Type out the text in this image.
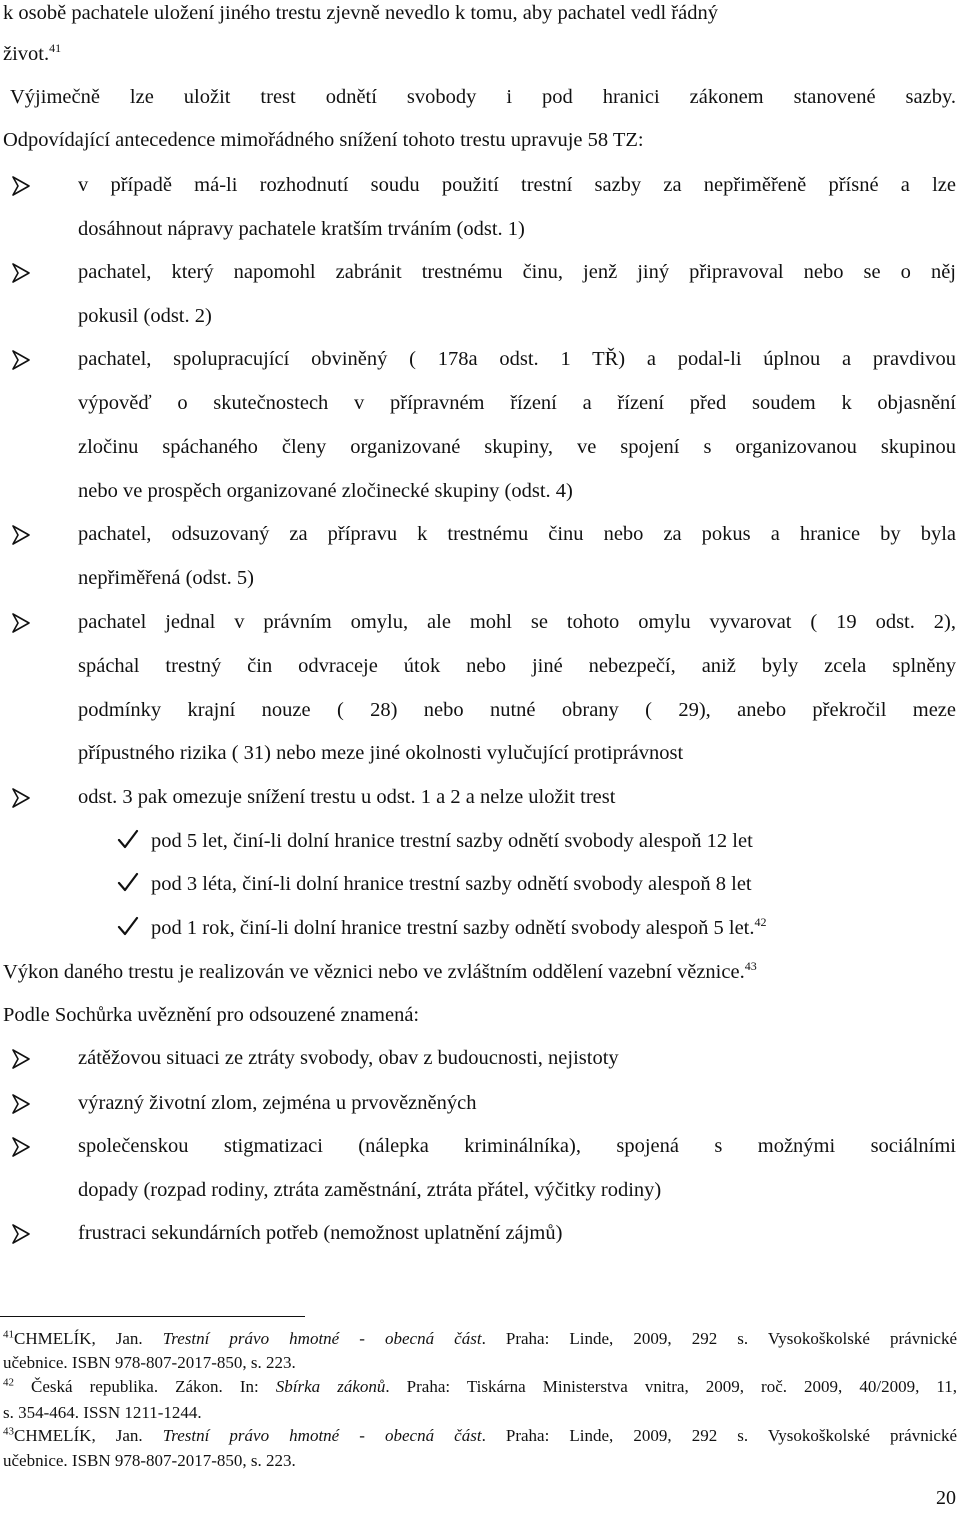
k osobě pachatele uložení jiného trestu zjevně nevedlo k tomu, aby pachatel vedl řádný
život.$^{41}$
Výjimečně lze uložit trest odnětí svobody i pod hranici zákonem stanovené sazby.
Odpovídající antecedence mimořádného snížení tohoto trestu upravuje 58 TZ:
v případě má-li rozhodnutí soudu použití trestní sazby za nepřiměřeně přísné a lze
dosáhnout nápravy pachatele kratším trváním (odst. 1)
pachatel, který napomohl zabránit trestnému činu, jenž jiný připravoval nebo se o něj
pokusil (odst. 2)
pachatel, spolupracující obviněný ( 178a odst. 1 TŘ) a podal-li úplnou a pravdivou
výpověď o skutečnostech v přípravném řízení a řízení před soudem k objasnění
zločinu spáchaného členy organizované skupiny, ve spojení s organizovanou skupinou
nebo ve prospěch organizované zločinecké skupiny (odst. 4)
pachatel, odsuzovaný za přípravu k trestnému činu nebo za pokus a hranice by byla
nepřiměřená (odst. 5)
pachatel jednal v právním omylu, ale mohl se tohoto omylu vyvarovat ( 19 odst. 2),
spáchal trestný čin odvraceje útok nebo jiné nebezpečí, aniž byly zcela splněny
podmínky krajní nouze ( 28) nebo nutné obrany ( 29), anebo překročil meze
přípustného rizika ( 31) nebo meze jiné okolnosti vylučující protiprávnost
odst. 3 pak omezuje snížení trestu u odst. 1 a 2 a nelze uložit trest
pod 5 let, činí-li dolní hranice trestní sazby odnětí svobody alespoň 12 let
pod 3 léta, činí-li dolní hranice trestní sazby odnětí svobody alespoň 8 let
pod 1 rok, činí-li dolní hranice trestní sazby odnětí svobody alespoň 5 let.$^{42}$
Výkon daného trestu je realizován ve věznici nebo ve zvláštním oddělení vazební věznice.$^{43}$
Podle Sochůrka uvěznění pro odsouzené znamená:
zátěžovou situaci ze ztráty svobody, obav z budoucnosti, nejistoty
výrazný životní zlom, zejména u prvovězněných
společenskou stigmatizaci (nálepka kriminálníka), spojená s možnými sociálními
dopady (rozpad rodiny, ztráta zaměstnání, ztráta přátel, výčitky rodiny)
frustraci sekundárních potřeb (nemožnost uplatnění zájmů)
$^{41}$CHMELÍK, Jan. Trestní právo hmotné - obecná část. Praha: Linde, 2009, 292 s. Vysokoškolské právnické
učebnice. ISBN 978-807-2017-850, s. 223.
$^{42}$ Česká republika. Zákon. In: Sbírka zákonů. Praha: Tiskárna Ministerstva vnitra, 2009, roč. 2009, 40/2009, 11,
s. 354-464. ISSN 1211-1244.
$^{43}$CHMELÍK, Jan. Trestní právo hmotné - obecná část. Praha: Linde, 2009, 292 s. Vysokoškolské právnické
učebnice. ISBN 978-807-2017-850, s. 223.
20
